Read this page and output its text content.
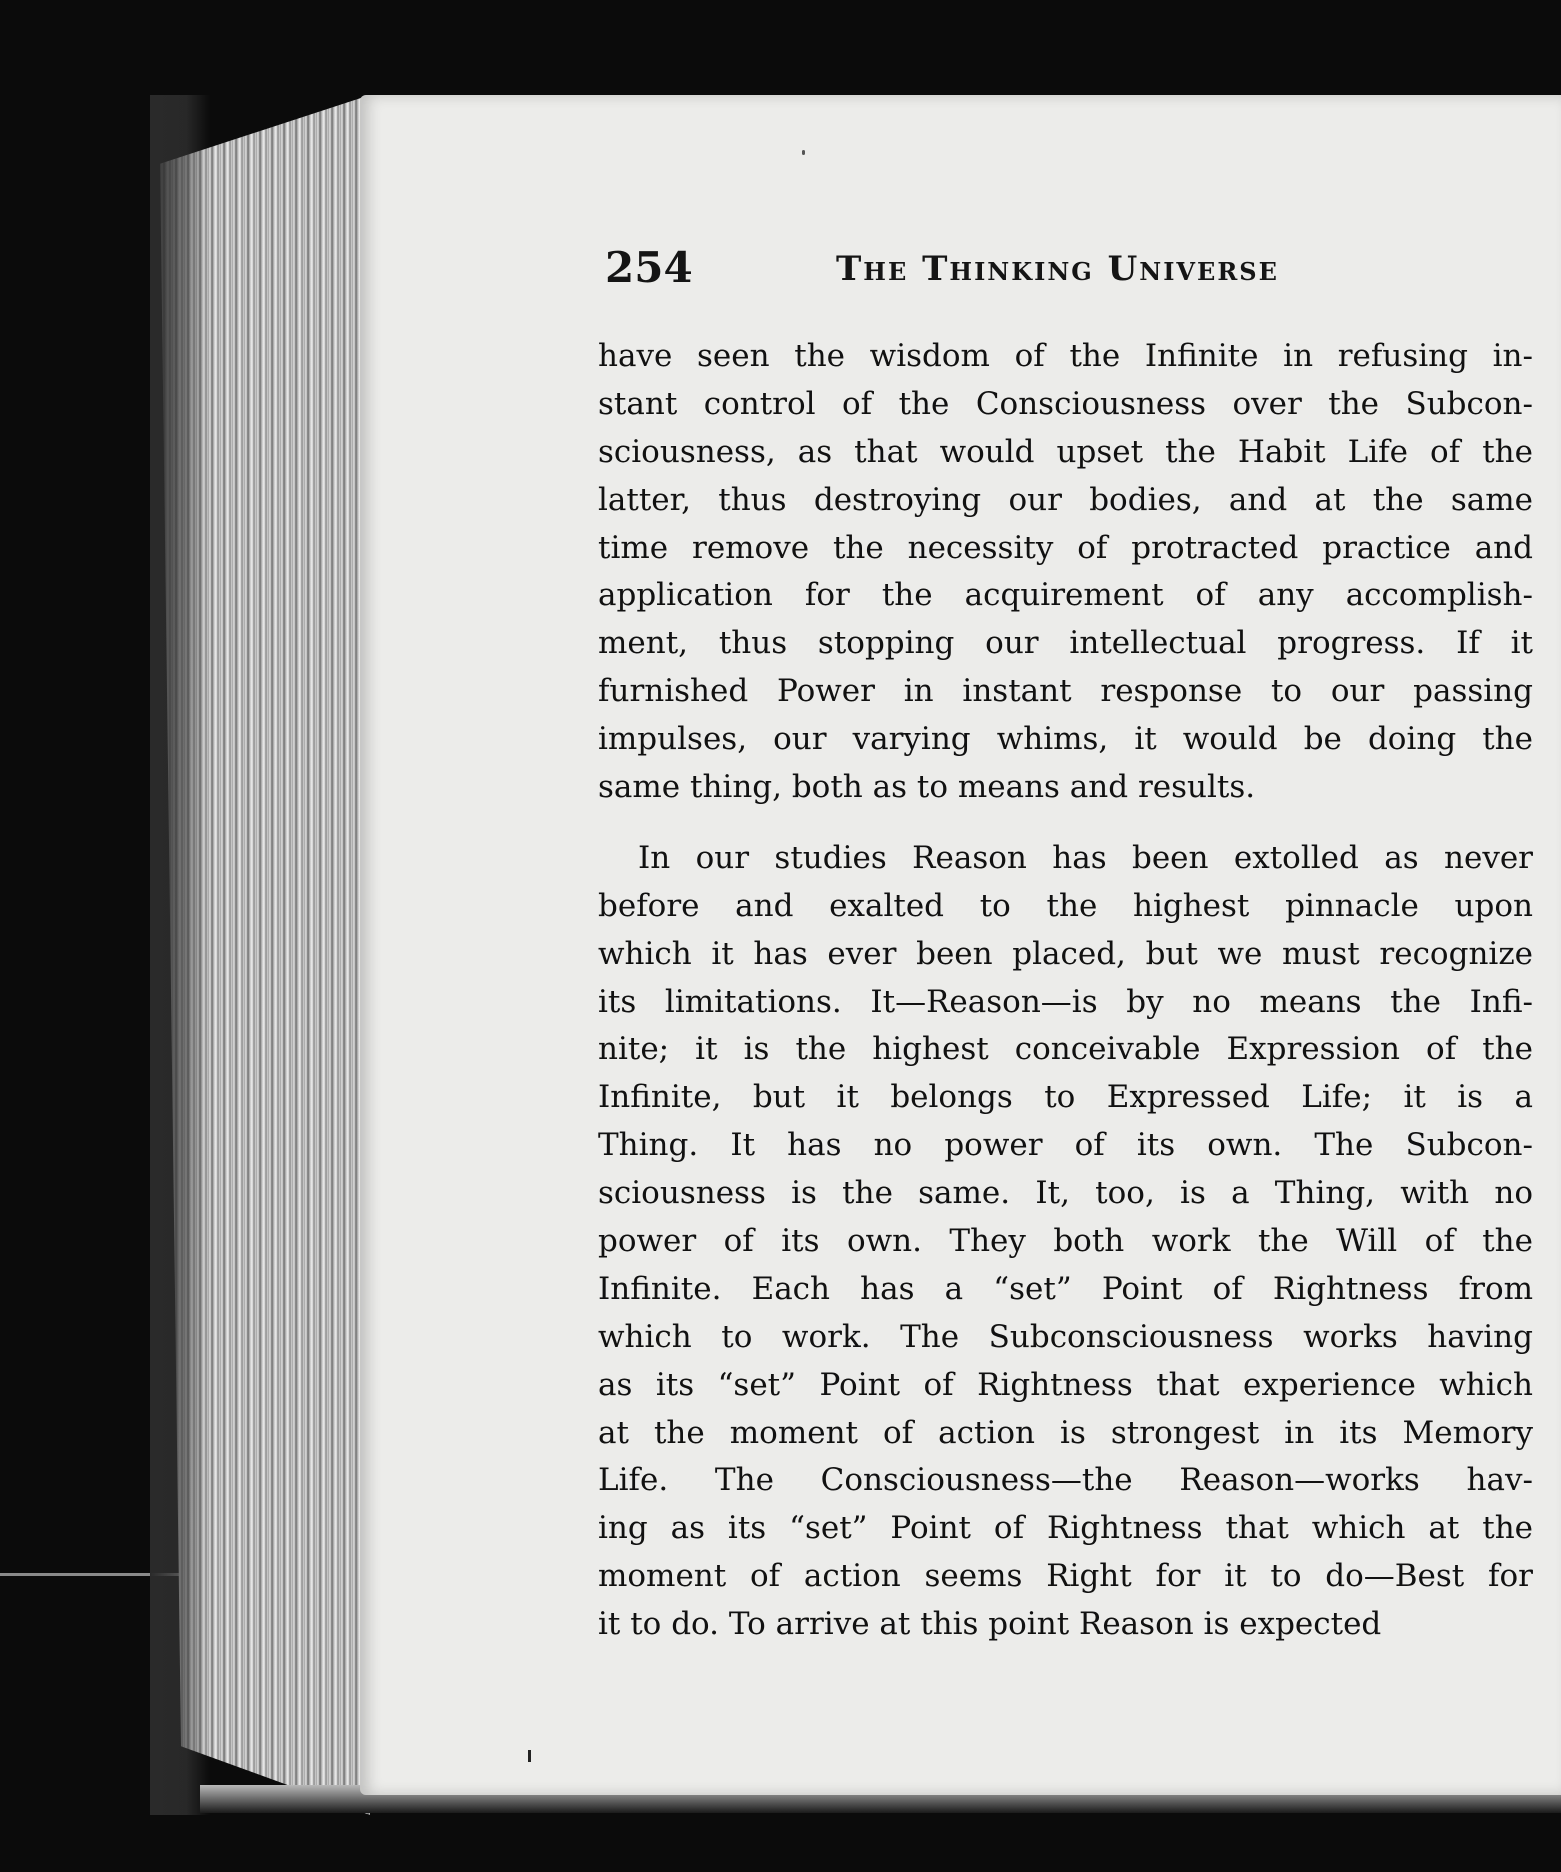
254	The Thinking Universe
have seen the wisdom of the Infinite in refusing in-
stant control of the Consciousness over the Subcon-
sciousness, as that would upset the Habit Life of the
latter, thus destroying our bodies, and at the same
time remove the necessity of protracted practice and
application for the acquirement of any accomplish-
ment, thus stopping our intellectual progress. If it
furnished Power in instant response to our passing
impulses, our varying whims, it would be doing the
same thing, both as to means and results.
In our studies Reason has been extolled as never
before and exalted to the highest pinnacle upon
which it has ever been placed, but we must recognize
its limitations. It—Reason—is by no means the Infi-
nite; it is the highest conceivable Expression of the
Infinite, but it belongs to Expressed Life; it is a
Thing. It has no power of its own. The Subcon-
sciousness is the same. It, too, is a Thing, with no
power of its own. They both work the Will of the
Infinite. Each has a “set” Point of Rightness from
which to work. The Subconsciousness works having
as its “set” Point of Rightness that experience which
at the moment of action is strongest in its Memory
Life. The Consciousness—the Reason—works hav-
ing as its “set” Point of Rightness that which at the
moment of action seems Right for it to do—Best for
it to do. To arrive at this point Reason is expected
